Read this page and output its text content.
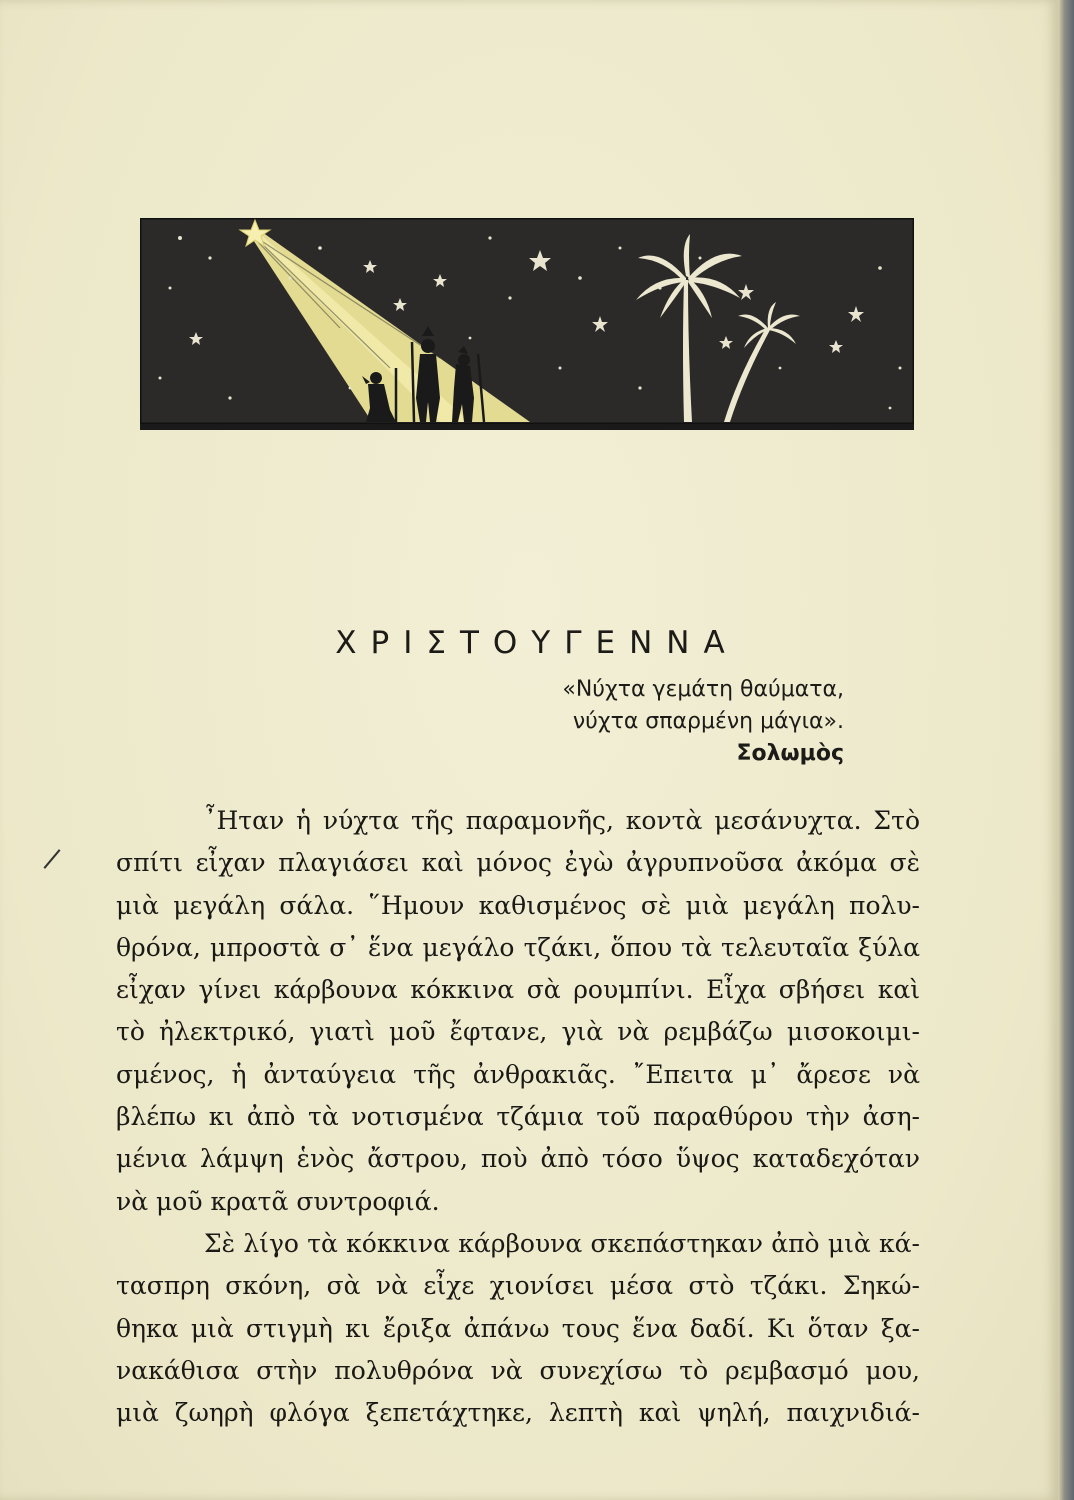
ΧΡΙΣΤΟΥΓΕΝΝΑ
«Νύχτα γεμάτη θαύματα,
νύχτα σπαρμένη μάγια».
Σολωμὸς
῏Ηταν ἡ νύχτα τῆς παραμονῆς, κοντὰ μεσάνυχτα. Στὸ
σπίτι εἶχαν πλαγιάσει καὶ μόνος ἐγὼ ἀγρυπνοῦσα ἀκόμα σὲ
μιὰ μεγάλη σάλα. ῞Ημουν καθισμένος σὲ μιὰ μεγάλη πολυ-
θρόνα, μπροστὰ σ᾽ ἕνα μεγάλο τζάκι, ὅπου τὰ τελευταῖα ξύλα
εἶχαν γίνει κάρβουνα κόκκινα σὰ ρουμπίνι. Εἶχα σβήσει καὶ
τὸ ἠλεκτρικό, γιατὶ μοῦ ἔφτανε, γιὰ νὰ ρεμβάζω μισοκοιμι-
σμένος, ἡ ἀνταύγεια τῆς ἀνθρακιᾶς. ῎Επειτα μ᾽ ἄρεσε νὰ
βλέπω κι ἀπὸ τὰ νοτισμένα τζάμια τοῦ παραθύρου τὴν ἀση-
μένια λάμψη ἑνὸς ἄστρου, ποὺ ἀπὸ τόσο ὕψος καταδεχόταν
νὰ μοῦ κρατᾶ συντροφιά.
Σὲ λίγο τὰ κόκκινα κάρβουνα σκεπάστηκαν ἀπὸ μιὰ κά-
τασπρη σκόνη, σὰ νὰ εἶχε χιονίσει μέσα στὸ τζάκι. Σηκώ-
θηκα μιὰ στιγμὴ κι ἔριξα ἀπάνω τους ἕνα δαδί. Κι ὅταν ξα-
νακάθισα στὴν πολυθρόνα νὰ συνεχίσω τὸ ρεμβασμό μου,
μιὰ ζωηρὴ φλόγα ξεπετάχτηκε, λεπτὴ καὶ ψηλή, παιχνιδιά-
